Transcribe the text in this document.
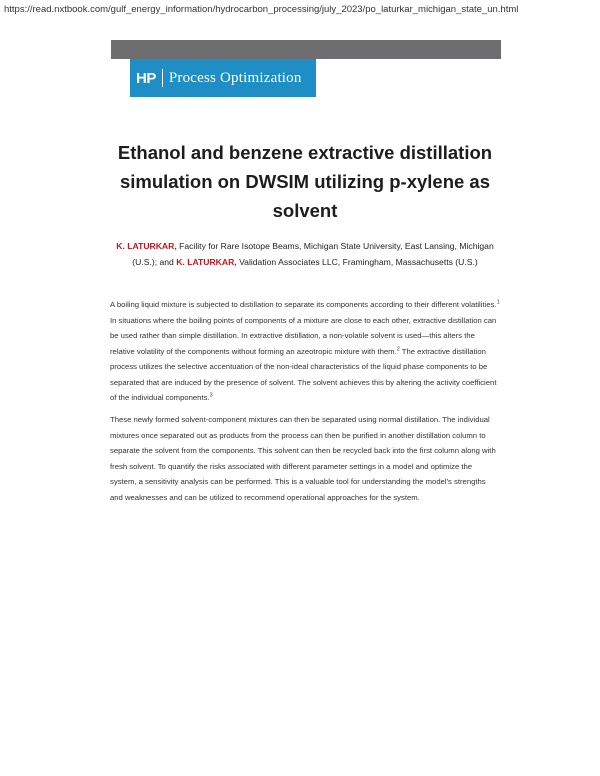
https://read.nxtbook.com/gulf_energy_information/hydrocarbon_processing/july_2023/po_laturkar_michigan_state_un.html
HP Process Optimization
Ethanol and benzene extractive distillation simulation on DWSIM utilizing p-xylene as solvent
K. LATURKAR, Facility for Rare Isotope Beams, Michigan State University, East Lansing, Michigan (U.S.); and K. LATURKAR, Validation Associates LLC, Framingham, Massachusetts (U.S.)
A boiling liquid mixture is subjected to distillation to separate its components according to their different volatilities.$^1$ In situations where the boiling points of components of a mixture are close to each other, extractive distillation can be used rather than simple distillation. In extractive distillation, a non-volatile solvent is used—this alters the relative volatility of the components without forming an azeotropic mixture with them.$^2$ The extractive distillation process utilizes the selective accentuation of the non-ideal characteristics of the liquid phase components to be separated that are induced by the presence of solvent. The solvent achieves this by altering the activity coefficient of the individual components.$^3$
These newly formed solvent-component mixtures can then be separated using normal distillation. The individual mixtures once separated out as products from the process can then be purified in another distillation column to separate the solvent from the components. This solvent can then be recycled back into the first column along with fresh solvent. To quantify the risks associated with different parameter settings in a model and optimize the system, a sensitivity analysis can be performed. This is a valuable tool for understanding the model's strengths and weaknesses and can be utilized to recommend operational approaches for the system.
